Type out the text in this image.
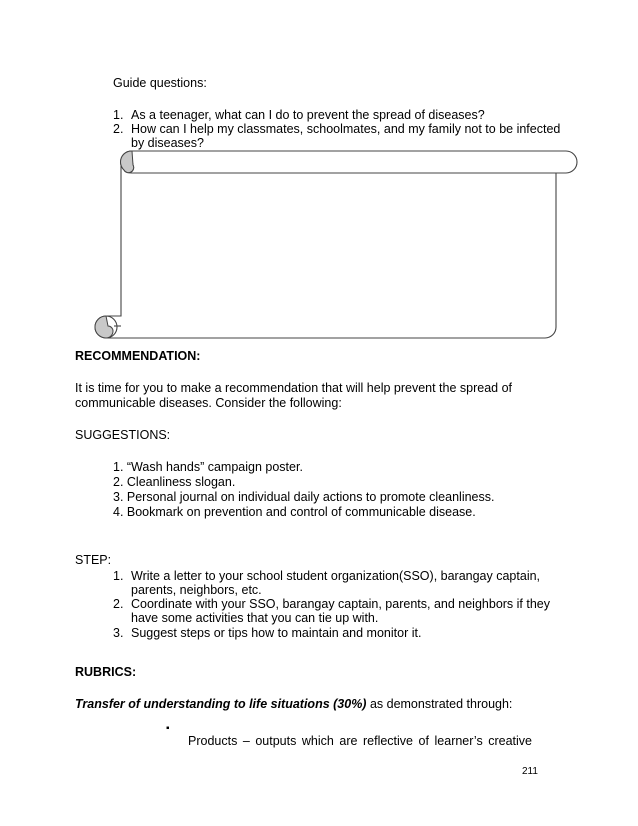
Guide questions:

1. As a teenager, what can I do to prevent the spread of diseases?

2. How can I help my classmates, schoolmates, and my family not to be infected

by diseases?

RECOMMENDATION:

It is time for you to make a recommendation that will help prevent the spread of

communicable diseases. Consider the following:

SUGGESTIONS:

1. “Wash hands” campaign poster.

2. Cleanliness slogan.

3. Personal journal on individual daily actions to promote cleanliness.

4. Bookmark on prevention and control of communicable disease.

STEP:

1. Write a letter to your school student organization(SSO), barangay captain,

parents, neighbors, etc.

2. Coordinate with your SSO, barangay captain, parents, and neighbors if they

have some activities that you can tie up with.

3. Suggest steps or tips how to maintain and monitor it.

RUBRICS:

Transfer of understanding to life situations (30%) as demonstrated through:

▪

Products – outputs which are reflective of learner’s creative

211
